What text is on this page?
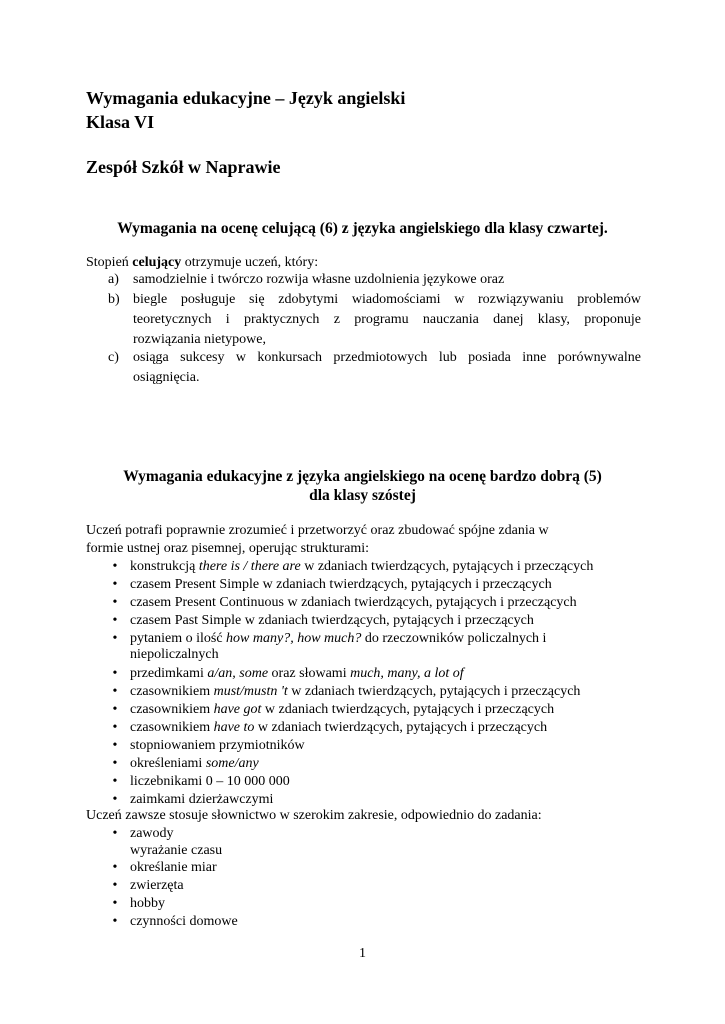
Wymagania edukacyjne – Język angielski
Klasa VI
Zespół Szkół w Naprawie
Wymagania na ocenę celującą (6) z języka angielskiego dla klasy czwartej.
Stopień celujący otrzymuje uczeń, który:
a) samodzielnie i twórczo rozwija własne uzdolnienia językowe oraz
b) biegle posługuje się zdobytymi wiadomościami w rozwiązywaniu problemów
teoretycznych i praktycznych z programu nauczania danej klasy, proponuje
rozwiązania nietypowe,
c) osiąga sukcesy w konkursach przedmiotowych lub posiada inne porównywalne
osiągnięcia.
Wymagania edukacyjne z języka angielskiego na ocenę bardzo dobrą (5)
dla klasy szóstej
Uczeń potrafi poprawnie zrozumieć i przetworzyć oraz zbudować spójne zdania w
formie ustnej oraz pisemnej, operując strukturami:
• konstrukcją there is / there are w zdaniach twierdzących, pytających i przeczących
• czasem Present Simple w zdaniach twierdzących, pytających i przeczących
• czasem Present Continuous w zdaniach twierdzących, pytających i przeczących
• czasem Past Simple w zdaniach twierdzących, pytających i przeczących
• pytaniem o ilość how many?, how much? do rzeczowników policzalnych i
niepoliczalnych
• przedimkami a/an, some oraz słowami much, many, a lot of
• czasownikiem must/mustn 't w zdaniach twierdzących, pytających i przeczących
• czasownikiem have got w zdaniach twierdzących, pytających i przeczących
• czasownikiem have to w zdaniach twierdzących, pytających i przeczących
• stopniowaniem przymiotników
• określeniami some/any
• liczebnikami 0 – 10 000 000
• zaimkami dzierżawczymi
Uczeń zawsze stosuje słownictwo w szerokim zakresie, odpowiednio do zadania:
• zawody
wyrażanie czasu
• określanie miar
• zwierzęta
• hobby
• czynności domowe
1
